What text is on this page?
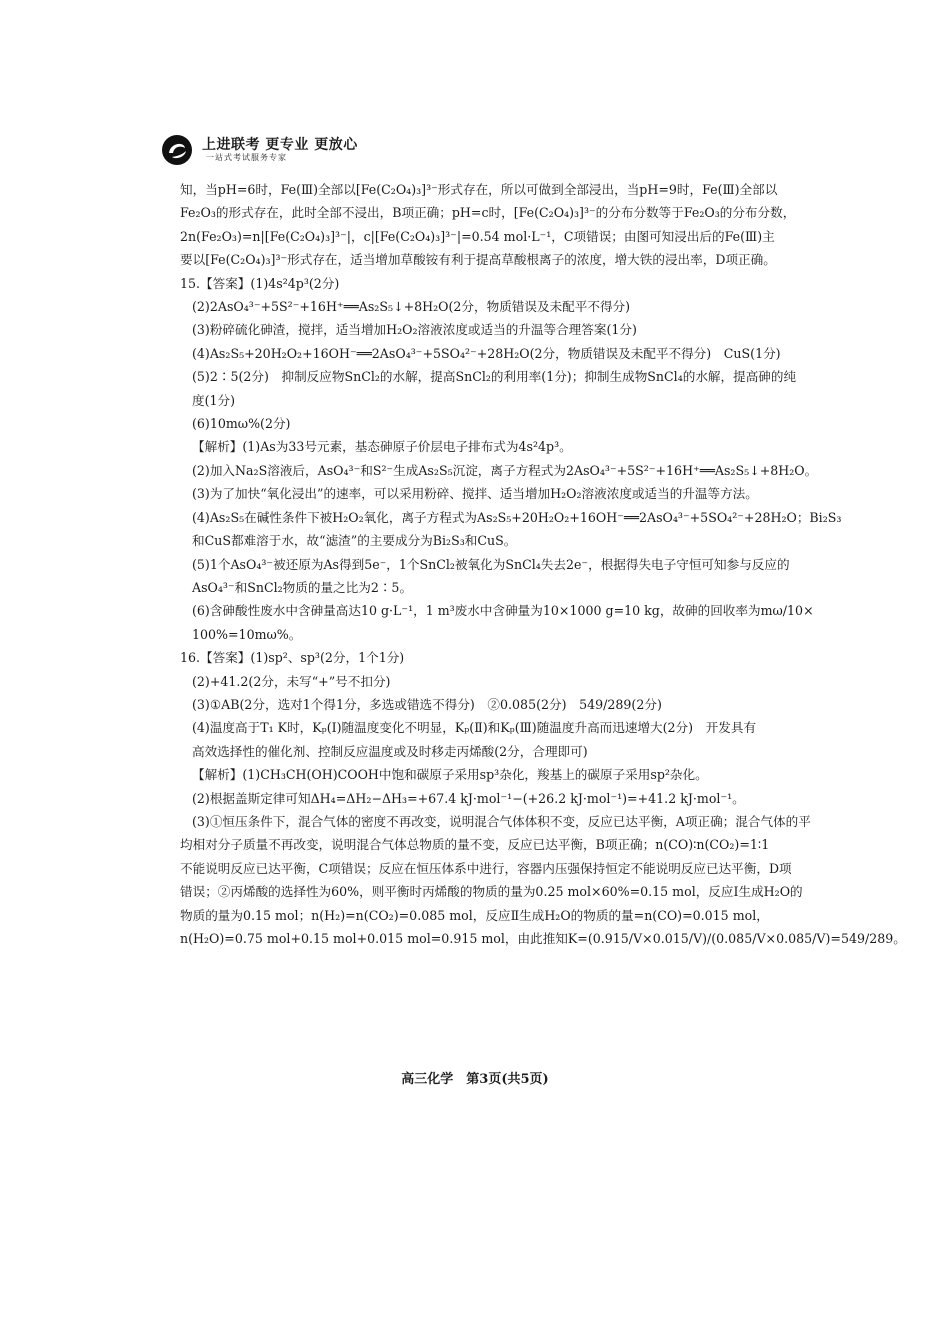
上进联考 更专业 更放心
一站式考试服务专家
知，当pH=6时，Fe(Ⅲ)全部以[Fe(C₂O₄)₃]³⁻形式存在，所以可做到全部浸出，当pH=9时，Fe(Ⅲ)全部以
Fe₂O₃的形式存在，此时全部不浸出，B项正确；pH=c时，[Fe(C₂O₄)₃]³⁻的分布分数等于Fe₂O₃的分布分数，
2n(Fe₂O₃)=n|[Fe(C₂O₄)₃]³⁻|，c|[Fe(C₂O₄)₃]³⁻|=0.54 mol·L⁻¹，C项错误；由图可知浸出后的Fe(Ⅲ)主
要以[Fe(C₂O₄)₃]³⁻形式存在，适当增加草酸铵有利于提高草酸根离子的浓度，增大铁的浸出率，D项正确。
15.【答案】(1)4s²4p³(2分)
(2)2AsO₄³⁻+5S²⁻+16H⁺══As₂S₅↓+8H₂O(2分，物质错误及未配平不得分)
(3)粉碎硫化砷渣，搅拌，适当增加H₂O₂溶液浓度或适当的升温等合理答案(1分)
(4)As₂S₅+20H₂O₂+16OH⁻══2AsO₄³⁻+5SO₄²⁻+28H₂O(2分，物质错误及未配平不得分)　CuS(1分)
(5)2∶5(2分)　抑制反应物SnCl₂的水解，提高SnCl₂的利用率(1分)；抑制生成物SnCl₄的水解，提高砷的纯
度(1分)
(6)10mω%(2分)
【解析】(1)As为33号元素，基态砷原子价层电子排布式为4s²4p³。
(2)加入Na₂S溶液后，AsO₄³⁻和S²⁻生成As₂S₅沉淀，离子方程式为2AsO₄³⁻+5S²⁻+16H⁺══As₂S₅↓+8H₂O。
(3)为了加快“氧化浸出”的速率，可以采用粉碎、搅拌、适当增加H₂O₂溶液浓度或适当的升温等方法。
(4)As₂S₅在碱性条件下被H₂O₂氧化，离子方程式为As₂S₅+20H₂O₂+16OH⁻══2AsO₄³⁻+5SO₄²⁻+28H₂O；Bi₂S₃
和CuS都难溶于水，故“滤渣”的主要成分为Bi₂S₃和CuS。
(5)1个AsO₄³⁻被还原为As得到5e⁻，1个SnCl₂被氧化为SnCl₄失去2e⁻，根据得失电子守恒可知参与反应的
AsO₄³⁻和SnCl₂物质的量之比为2∶5。
(6)含砷酸性废水中含砷量高达10 g·L⁻¹，1 m³废水中含砷量为10×1000 g=10 kg，故砷的回收率为mω/10×
100%=10mω%。
16.【答案】(1)sp²、sp³(2分，1个1分)
(2)+41.2(2分，未写“+”号不扣分)
(3)①AB(2分，选对1个得1分，多选或错选不得分)　②0.085(2分)　549/289(2分)
(4)温度高于T₁ K时，Kₚ(Ⅰ)随温度变化不明显，Kₚ(Ⅱ)和Kₚ(Ⅲ)随温度升高而迅速增大(2分)　开发具有
高效选择性的催化剂、控制反应温度或及时移走丙烯酸(2分，合理即可)
【解析】(1)CH₃CH(OH)COOH中饱和碳原子采用sp³杂化，羧基上的碳原子采用sp²杂化。
(2)根据盖斯定律可知ΔH₄=ΔH₂−ΔH₃=+67.4 kJ·mol⁻¹−(+26.2 kJ·mol⁻¹)=+41.2 kJ·mol⁻¹。
(3)①恒压条件下，混合气体的密度不再改变，说明混合气体体积不变，反应已达平衡，A项正确；混合气体的平
均相对分子质量不再改变，说明混合气体总物质的量不变，反应已达平衡，B项正确；n(CO)∶n(CO₂)=1∶1
不能说明反应已达平衡，C项错误；反应在恒压体系中进行，容器内压强保持恒定不能说明反应已达平衡，D项
错误；②丙烯酸的选择性为60%，则平衡时丙烯酸的物质的量为0.25 mol×60%=0.15 mol，反应Ⅰ生成H₂O的
物质的量为0.15 mol；n(H₂)=n(CO₂)=0.085 mol，反应Ⅱ生成H₂O的物质的量=n(CO)=0.015 mol，
n(H₂O)=0.75 mol+0.15 mol+0.015 mol=0.915 mol，由此推知K=(0.915/V×0.015/V)/(0.085/V×0.085/V)=549/289。
高三化学　第3页(共5页)
